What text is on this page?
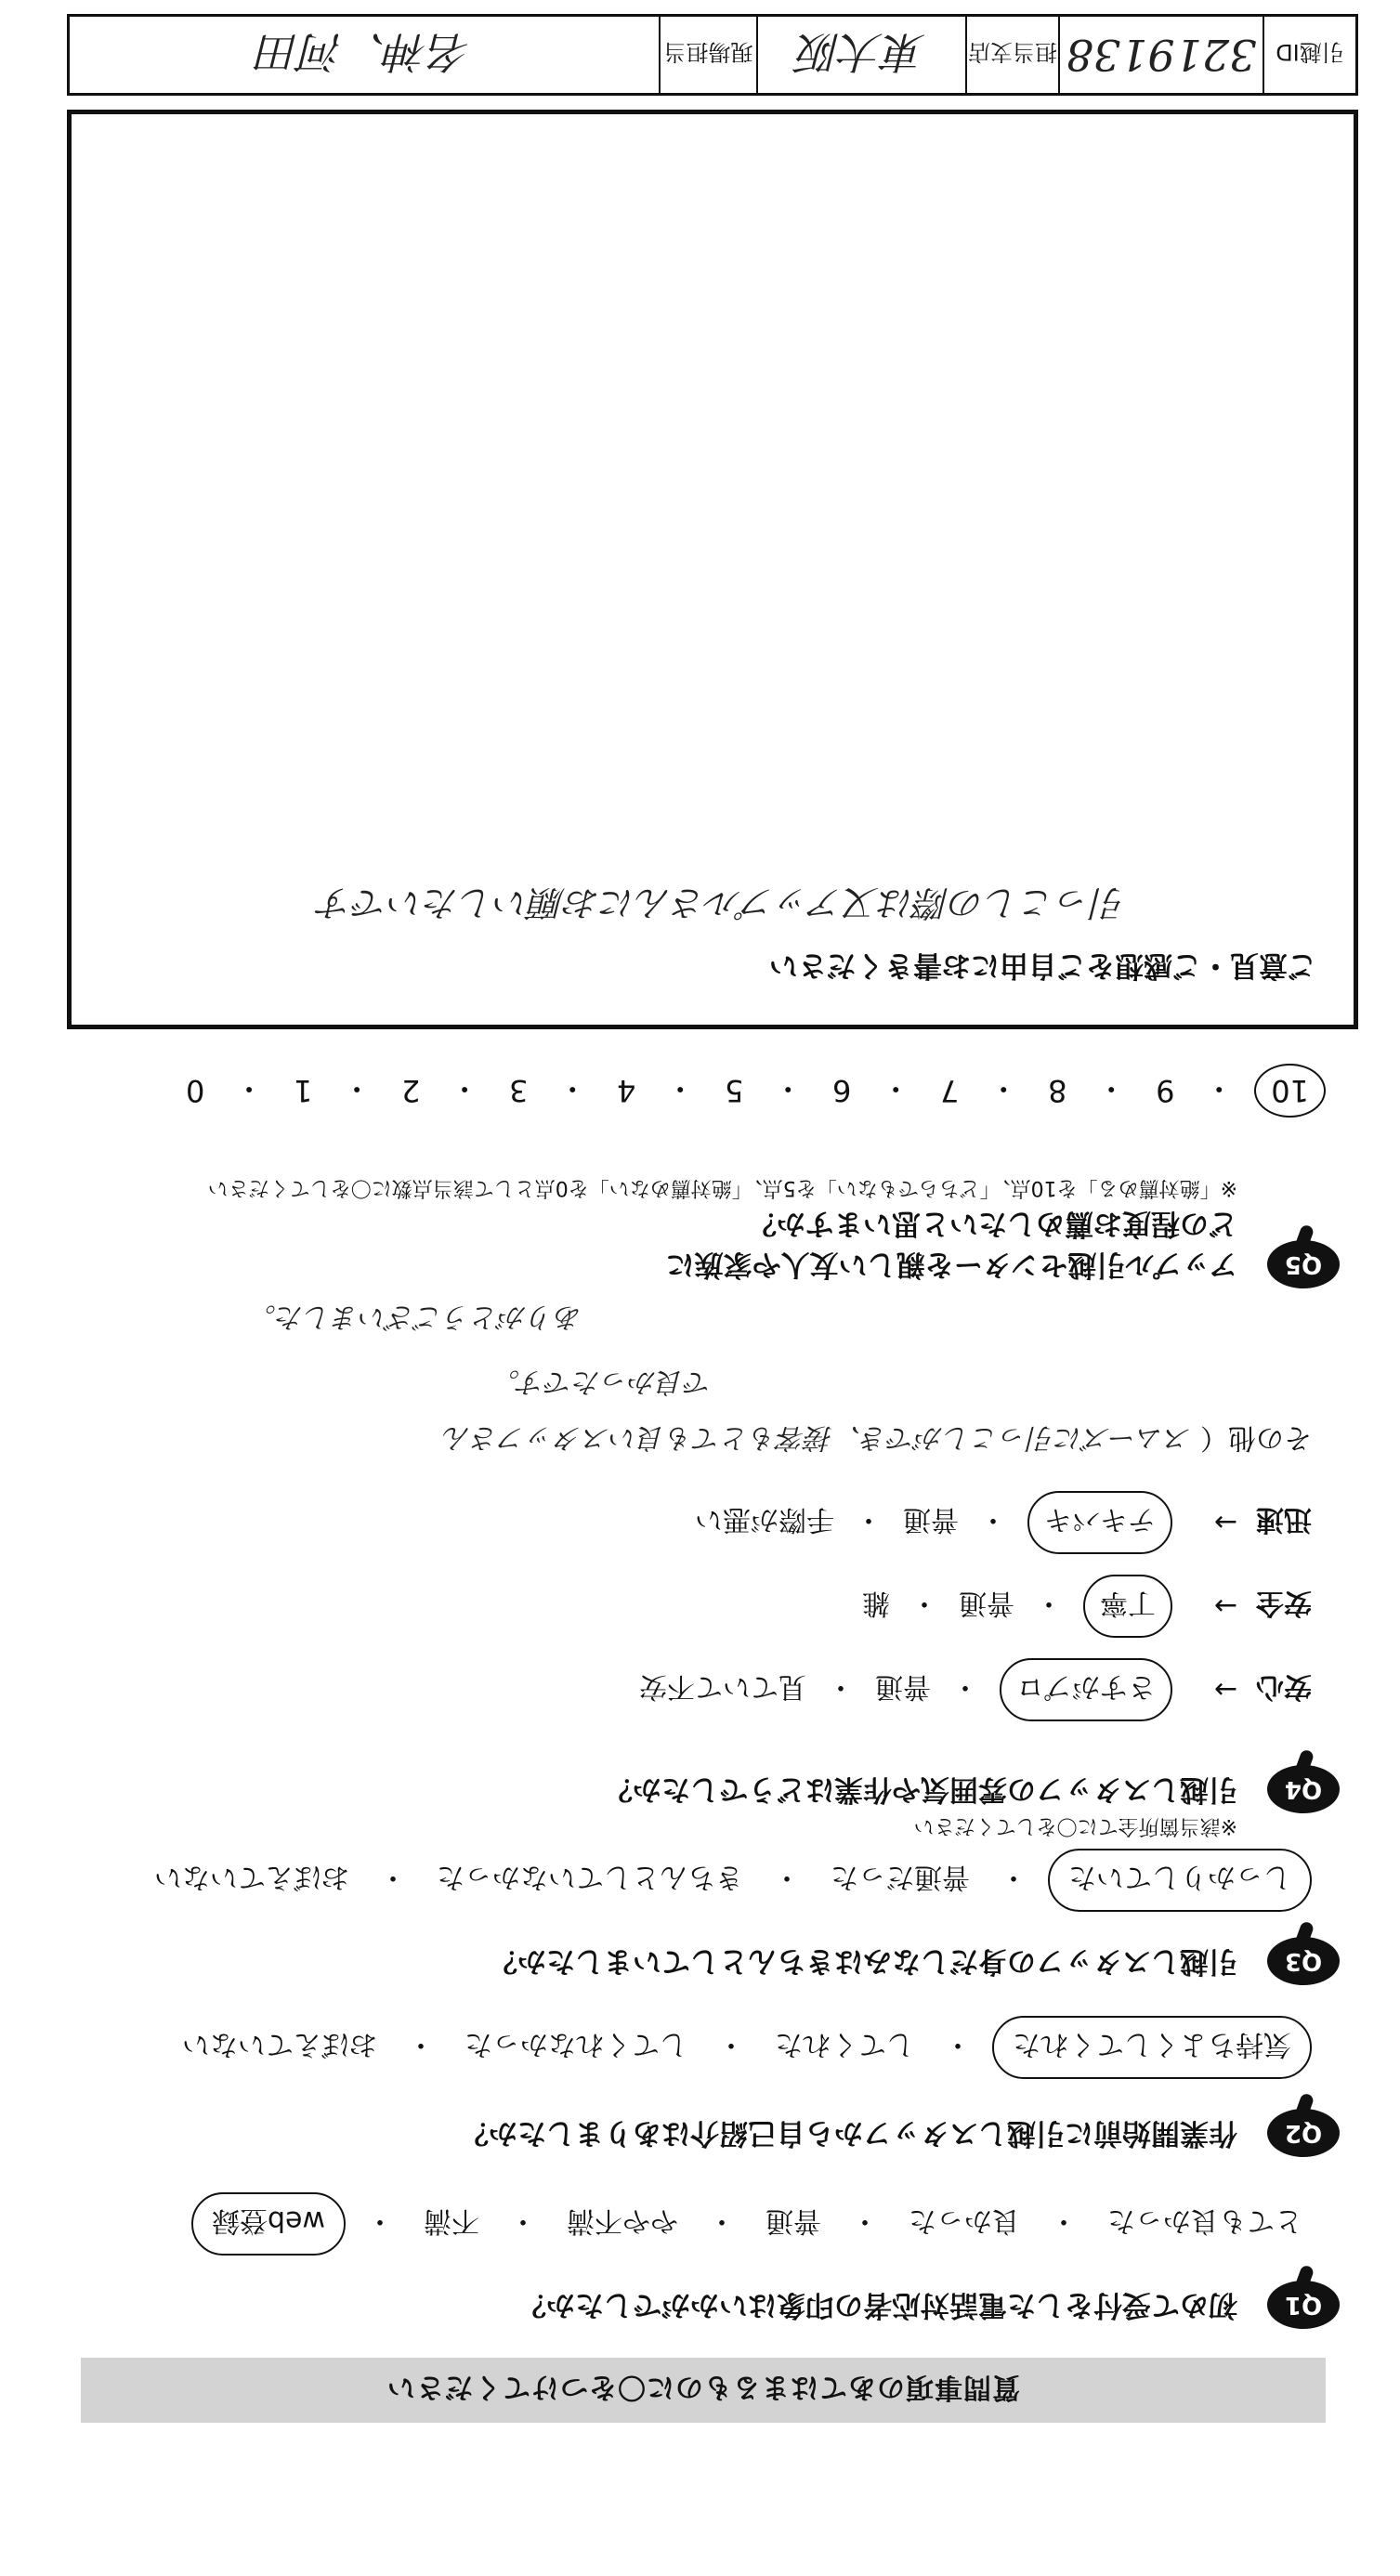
質問事項のあてはまるものに〇をつけてください
Q1
初めて受付をした電話対応者の印象はいかがでしたか？
とても良かった
・
良かった
・
普通
・
やや不満
・
不満
・
web登録
Q2
作業開始前に引越しスタッフから自己紹介はありましたか？
気持ちよくしてくれた
・
してくれた
・
してくれなかった
・
おぼえていない
Q3
引越しスタッフの身だしなみはきちんとしていましたか？
しっかりしていた
・
普通だった
・
きちんとしていなかった
・
おぼえていない
Q4
引越しスタッフの雰囲気や作業はどうでしたか？
※該当箇所全てに〇をしてください
安心
→
さすがプロ
・
普通
・
見ていて不安
安全
→
丁寧
・
普通
・
雑
迅速
→
テキパキ
・
普通
・
手際が悪い
その他（ スムーズに引っこしができ、接客もとても良いスタッフさん
で良かったです。
ありがとうございました。
Q5
アップル引越センターを親しい友人や家族に
どの程度お薦めしたいと思いますか？
※「絶対薦める」を10点、「どちらでもない」を5点、「絶対薦めない」を0点として該当点数に〇をしてください
10
・
9
・
8
・
7
・
6
・
5
・
4
・
3
・
2
・
1
・
0
ご意見・ご感想をご自由にお書きください
引っこしの際は又アップルさんにお願いしたいです
引越ID
3219138
担当支店
東大阪
現場担当
名神、河田
